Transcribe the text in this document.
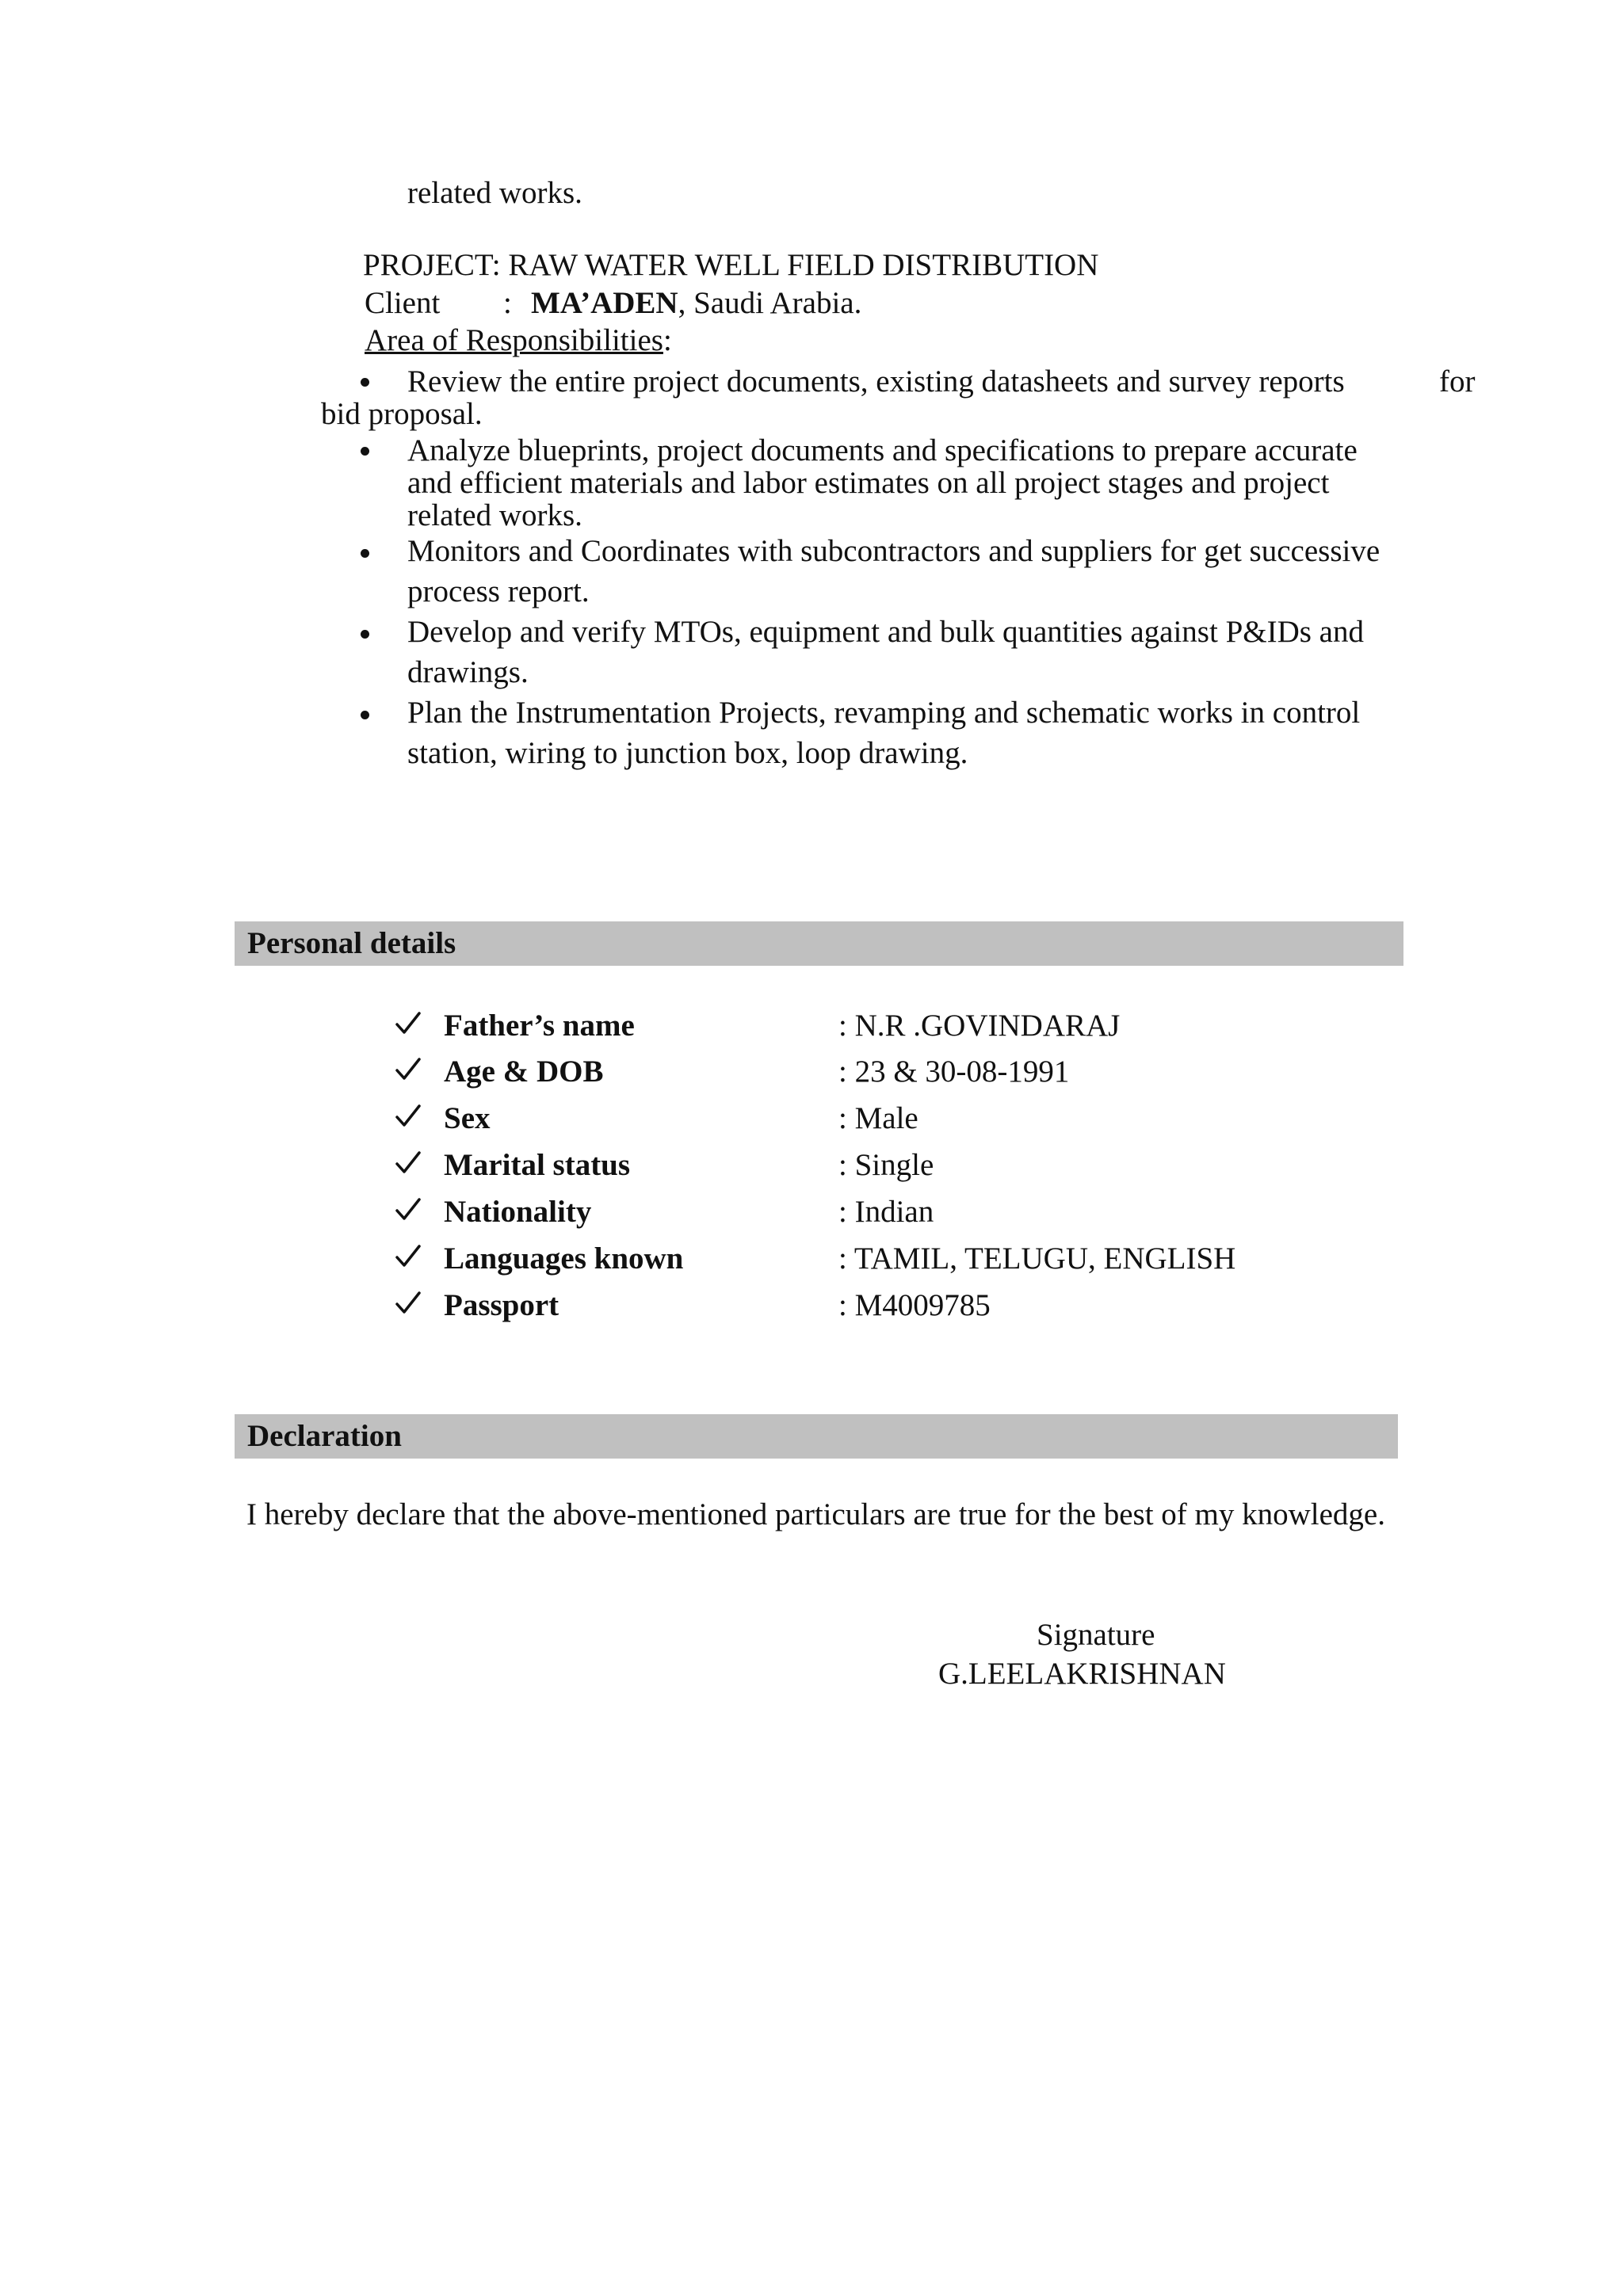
related works.
PROJECT: RAW WATER WELL FIELD DISTRIBUTION
Client : MA’ADEN, Saudi Arabia.
Area of Responsibilities:
Review the entire project documents, existing datasheets and survey reports	for
bid proposal.
Analyze blueprints, project documents and specifications to prepare accurate
and efficient materials and labor estimates on all project stages and project
related works.
Monitors and Coordinates with subcontractors and suppliers for get successive
process report.
Develop and verify MTOs, equipment and bulk quantities against P&IDs and
drawings.
Plan the Instrumentation Projects, revamping and schematic works in control
station, wiring to junction box, loop drawing.
Personal details
Father’s name	: N.R .GOVINDARAJ
Age & DOB	: 23 & 30-08-1991
Sex	: Male
Marital status	: Single
Nationality	: Indian
Languages known	: TAMIL, TELUGU, ENGLISH
Passport	: M4009785
Declaration
I hereby declare that the above-mentioned particulars are true for the best of my knowledge.
Signature
G.LEELAKRISHNAN
